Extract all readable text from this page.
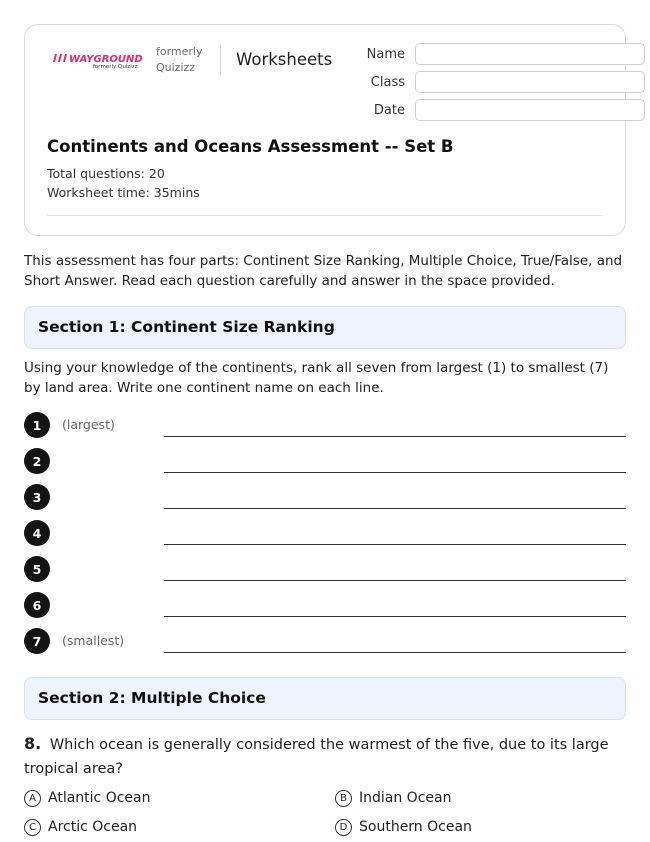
WAYGROUND
formerly Quizizz
formerly Quizizz	Worksheets	Name
Class
Date
Continents and Oceans Assessment -- Set B
Total questions: 20
Worksheet time: 35mins
This assessment has four parts: Continent Size Ranking, Multiple Choice, True/False, and Short Answer. Read each question carefully and answer in the space provided.
Section 1: Continent Size Ranking
Using your knowledge of the continents, rank all seven from largest (1) to smallest (7) by land area. Write one continent name on each line.
1	(largest)
2
3
4
5
6
7	(smallest)
Section 2: Multiple Choice
8. Which ocean is generally considered the warmest of the five, due to its large tropical area?
A Atlantic Ocean	B Indian Ocean
C Arctic Ocean	D Southern Ocean
